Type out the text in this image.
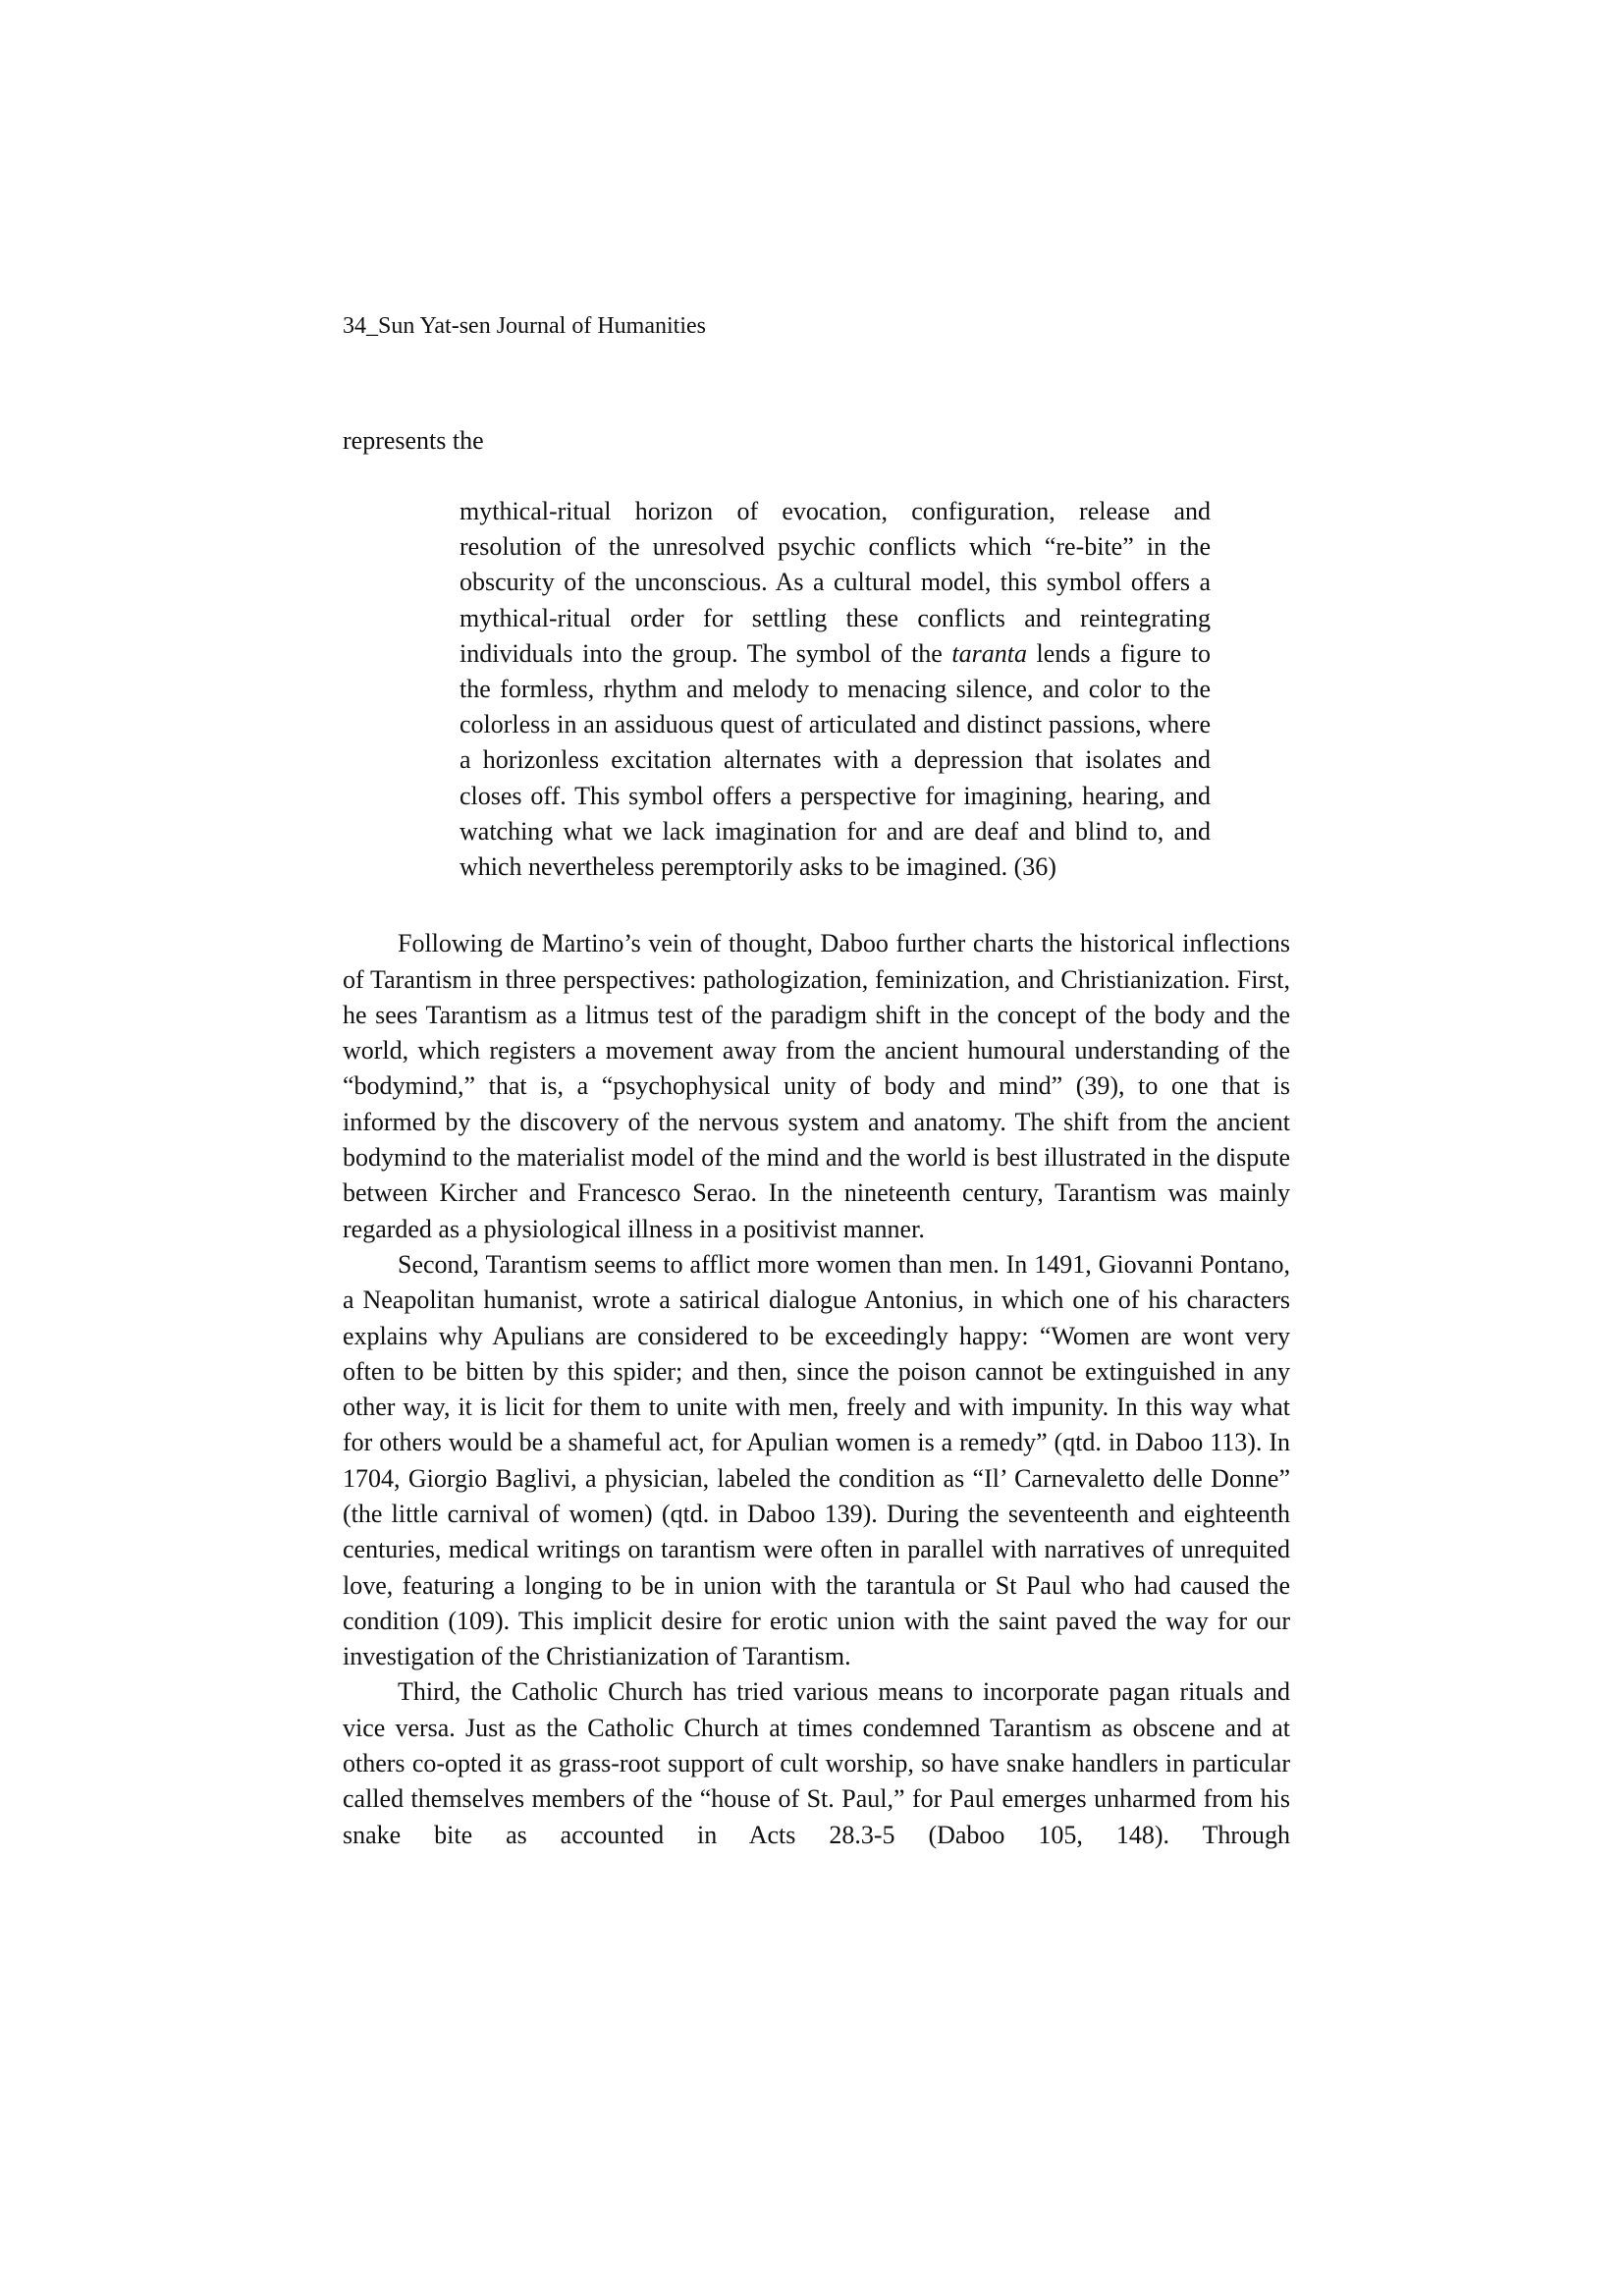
34_Sun Yat-sen Journal of Humanities

represents the

mythical-ritual horizon of evocation, configuration, release and resolution of the unresolved psychic conflicts which “re-bite” in the obscurity of the unconscious. As a cultural model, this symbol offers a mythical-ritual order for settling these conflicts and reintegrating individuals into the group. The symbol of the taranta lends a figure to the formless, rhythm and melody to menacing silence, and color to the colorless in an assiduous quest of articulated and distinct passions, where a horizonless excitation alternates with a depression that isolates and closes off. This symbol offers a perspective for imagining, hearing, and watching what we lack imagination for and are deaf and blind to, and which nevertheless peremptorily asks to be imagined. (36)

Following de Martino’s vein of thought, Daboo further charts the historical inflections of Tarantism in three perspectives: pathologization, feminization, and Christianization. First, he sees Tarantism as a litmus test of the paradigm shift in the concept of the body and the world, which registers a movement away from the ancient humoural understanding of the “bodymind,” that is, a “psychophysical unity of body and mind” (39), to one that is informed by the discovery of the nervous system and anatomy. The shift from the ancient bodymind to the materialist model of the mind and the world is best illustrated in the dispute between Kircher and Francesco Serao. In the nineteenth century, Tarantism was mainly regarded as a physiological illness in a positivist manner.

Second, Tarantism seems to afflict more women than men. In 1491, Giovanni Pontano, a Neapolitan humanist, wrote a satirical dialogue Antonius, in which one of his characters explains why Apulians are considered to be exceedingly happy: “Women are wont very often to be bitten by this spider; and then, since the poison cannot be extinguished in any other way, it is licit for them to unite with men, freely and with impunity. In this way what for others would be a shameful act, for Apulian women is a remedy” (qtd. in Daboo 113). In 1704, Giorgio Baglivi, a physician, labeled the condition as “Il’ Carnevaletto delle Donne” (the little carnival of women) (qtd. in Daboo 139). During the seventeenth and eighteenth centuries, medical writings on tarantism were often in parallel with narratives of unrequited love, featuring a longing to be in union with the tarantula or St Paul who had caused the condition (109). This implicit desire for erotic union with the saint paved the way for our investigation of the Christianization of Tarantism.

Third, the Catholic Church has tried various means to incorporate pagan rituals and vice versa. Just as the Catholic Church at times condemned Tarantism as obscene and at others co-opted it as grass-root support of cult worship, so have snake handlers in particular called themselves members of the “house of St. Paul,” for Paul emerges unharmed from his snake bite as accounted in Acts 28.3-5 (Daboo 105, 148). Through
